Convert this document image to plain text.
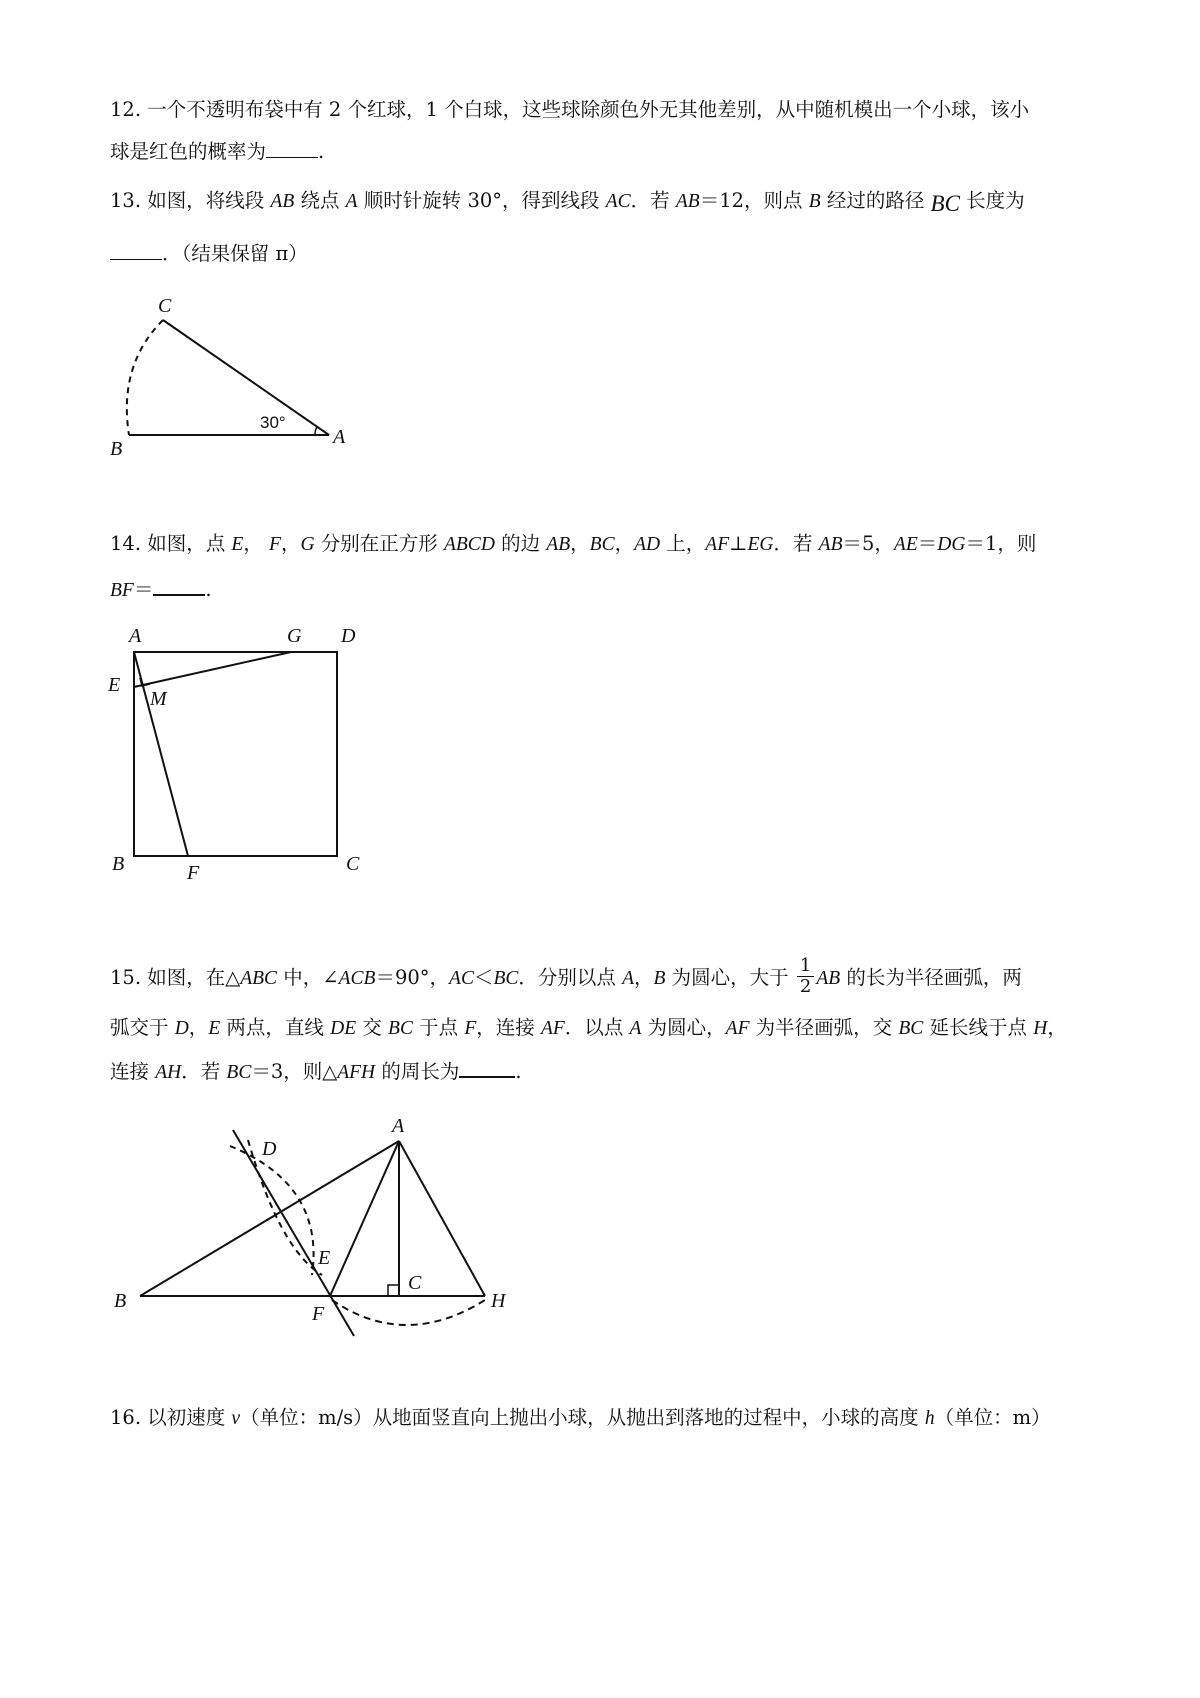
12. 一个不透明布袋中有 2 个红球，1 个白球，这些球除颜色外无其他差别，从中随机模出一个小球，该小
球是红色的概率为	.
13. 如图，将线段 AB 绕点 A 顺时针旋转 30°，得到线段 AC．若 AB＝12，则点 B 经过的路径 BC 长度为
．（结果保留 π）
C
A
B
30°
14. 如图，点 E， F，G 分别在正方形 ABCD 的边 AB，BC，AD 上，AF⊥EG．若 AB＝5，AE＝DG＝1，则
BF＝	.
A	G D
E
M
B	F	C
15. 如图，在△ABC 中，∠ACB＝90°，AC＜BC．分别以点 A，B 为圆心，大于 $\frac{1}{2}$ AB 的长为半径画弧，两
弧交于 D，E 两点，直线 DE 交 BC 于点 F，连接 AF．以点 A 为圆心，AF 为半径画弧，交 BC 延长线于点 H，
连接 AH．若 BC＝3，则△AFH 的周长为	.
A
D
E
C
B
F
H
16. 以初速度 v（单位：m/s）从地面竖直向上抛出小球，从抛出到落地的过程中，小球的高度 h（单位：m）
